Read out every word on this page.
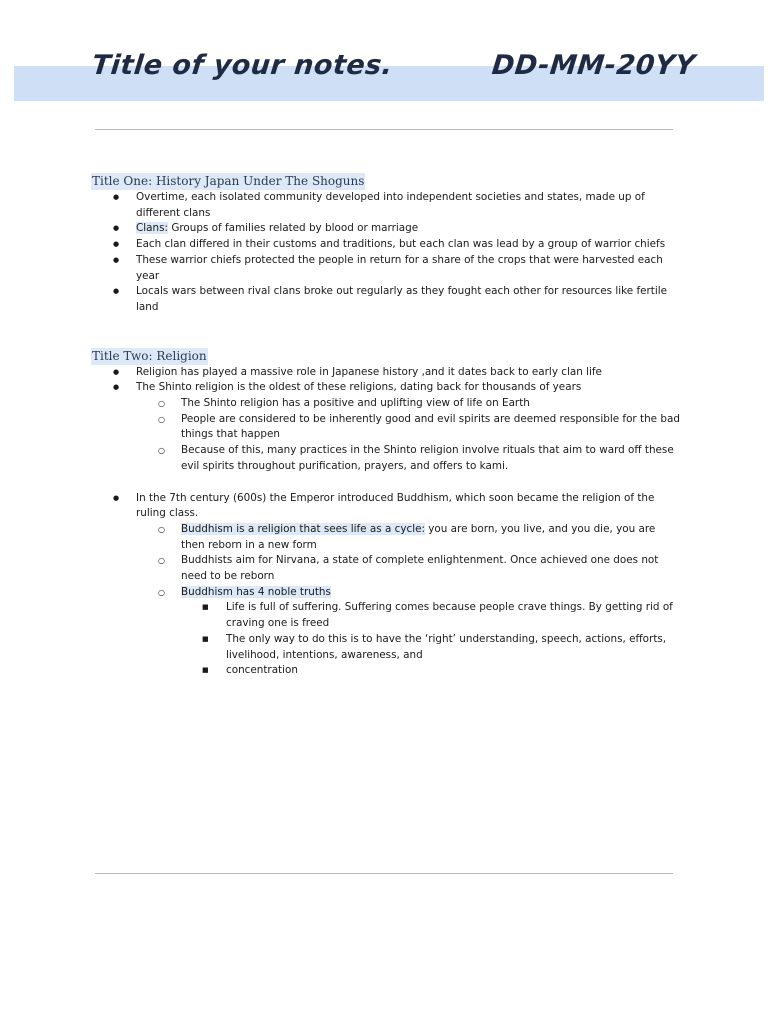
Title of your notes.	DD-MM-20YY
Title One: History Japan Under The Shoguns
● Overtime, each isolated community developed into independent societies and states, made up of different clans
● Clans: Groups of families related by blood or marriage
● Each clan differed in their customs and traditions, but each clan was lead by a group of warrior chiefs
● These warrior chiefs protected the people in return for a share of the crops that were harvested each year
● Locals wars between rival clans broke out regularly as they fought each other for resources like fertile land
Title Two: Religion
● Religion has played a massive role in Japanese history ,and it dates back to early clan life
● The Shinto religion is the oldest of these religions, dating back for thousands of years
○ The Shinto religion has a positive and uplifting view of life on Earth
○ People are considered to be inherently good and evil spirits are deemed responsible for the bad things that happen
○ Because of this, many practices in the Shinto religion involve rituals that aim to ward off these evil spirits throughout purification, prayers, and offers to kami.
● In the 7th century (600s) the Emperor introduced Buddhism, which soon became the religion of the ruling class.
○ Buddhism is a religion that sees life as a cycle: you are born, you live, and you die, you are then reborn in a new form
○ Buddhists aim for Nirvana, a state of complete enlightenment. Once achieved one does not need to be reborn
○ Buddhism has 4 noble truths
■ Life is full of suffering. Suffering comes because people crave things. By getting rid of craving one is freed
■ The only way to do this is to have the ‘right’ understanding, speech, actions, efforts, livelihood, intentions, awareness, and
■ concentration
